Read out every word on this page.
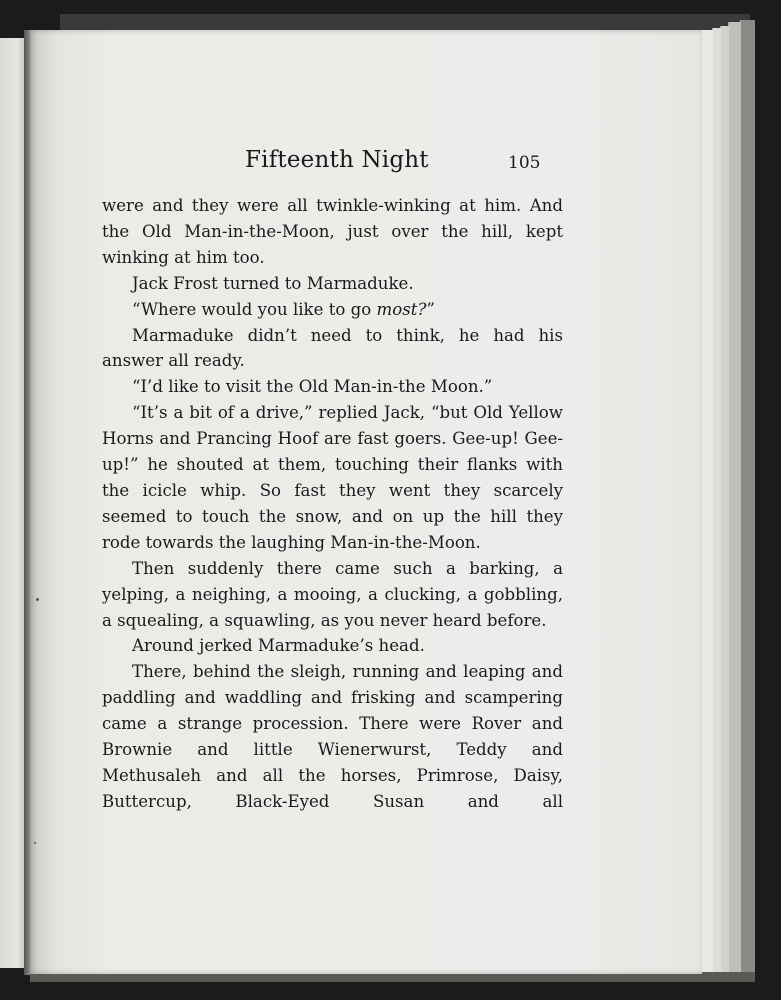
Fifteenth Night	105

were and they were all twinkle-winking at him. And the Old Man-in-the-Moon, just over the hill, kept winking at him too.

Jack Frost turned to Marmaduke.

“Where would you like to go most?”

Marmaduke didn’t need to think, he had his answer all ready.

“I’d like to visit the Old Man-in-the Moon.”

“It’s a bit of a drive,” replied Jack, “but Old Yellow Horns and Prancing Hoof are fast goers. Gee-up! Gee-up!” he shouted at them, touching their flanks with the icicle whip. So fast they went they scarcely seemed to touch the snow, and on up the hill they rode towards the laughing Man-in-the-Moon.

Then suddenly there came such a barking, a yelping, a neighing, a mooing, a clucking, a gobbling, a squealing, a squawling, as you never heard before.

Around jerked Marmaduke’s head.

There, behind the sleigh, running and leaping and paddling and waddling and frisking and scampering came a strange procession. There were Rover and Brownie and little Wienerwurst, Teddy and Methusaleh and all the horses, Primrose, Daisy, Buttercup, Black-Eyed Susan and all
